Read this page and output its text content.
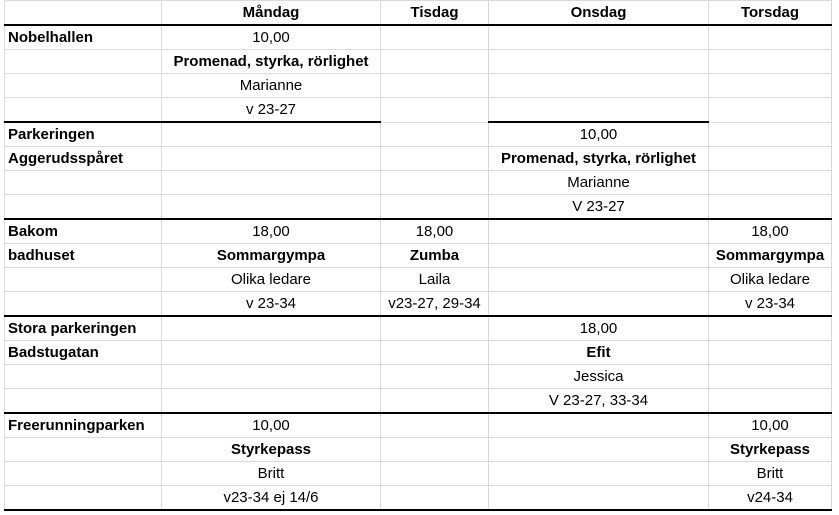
	Måndag	Tisdag	Onsdag	Torsdag
Nobelhallen	10,00			
	Promenad, styrka, rörlighet			
	Marianne			
	v 23-27			
Parkeringen			10,00	
Aggerudsspåret			Promenad, styrka, rörlighet	
			Marianne	
			V 23-27	
Bakom	18,00	18,00		18,00
badhuset	Sommargympa	Zumba		Sommargympa
	Olika ledare	Laila		Olika ledare
	v 23-34	v23-27, 29-34		v 23-34
Stora parkeringen			18,00	
Badstugatan			Efit	
			Jessica	
			V 23-27, 33-34	
Freerunningparken	10,00			10,00
	Styrkepass			Styrkepass
	Britt			Britt
	v23-34 ej 14/6			v24-34
